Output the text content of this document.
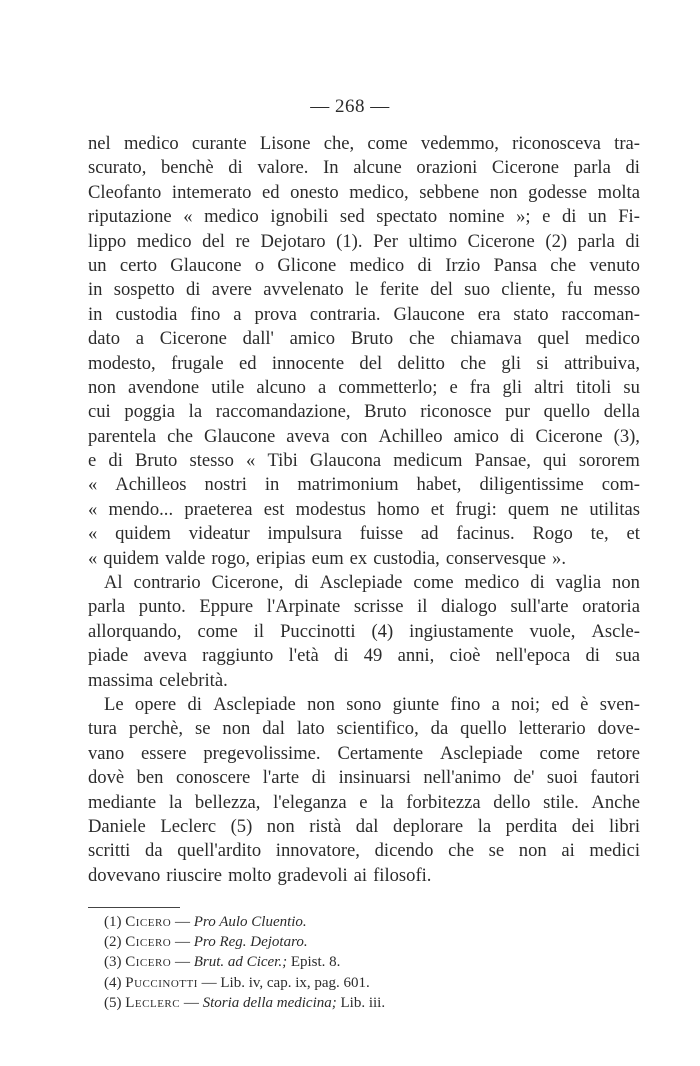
— 268 —
nel medico curante Lisone che, come vedemmo, riconosceva tra-
scurato, benchè di valore. In alcune orazioni Cicerone parla di
Cleofanto intemerato ed onesto medico, sebbene non godesse molta
riputazione « medico ignobili sed spectato nomine »; e di un Fi-
lippo medico del re Dejotaro (1). Per ultimo Cicerone (2) parla di
un certo Glaucone o Glicone medico di Irzio Pansa che venuto
in sospetto di avere avvelenato le ferite del suo cliente, fu messo
in custodia fino a prova contraria. Glaucone era stato raccoman-
dato a Cicerone dall' amico Bruto che chiamava quel medico
modesto, frugale ed innocente del delitto che gli si attribuiva,
non avendone utile alcuno a commetterlo; e fra gli altri titoli su
cui poggia la raccomandazione, Bruto riconosce pur quello della
parentela che Glaucone aveva con Achilleo amico di Cicerone (3),
e di Bruto stesso « Tibi Glaucona medicum Pansae, qui sororem
« Achilleos nostri in matrimonium habet, diligentissime com-
« mendo... praeterea est modestus homo et frugi: quem ne utilitas
« quidem videatur impulsura fuisse ad facinus. Rogo te, et
« quidem valde rogo, eripias eum ex custodia, conservesque ».
Al contrario Cicerone, di Asclepiade come medico di vaglia non
parla punto. Eppure l'Arpinate scrisse il dialogo sull'arte oratoria
allorquando, come il Puccinotti (4) ingiustamente vuole, Ascle-
piade aveva raggiunto l'età di 49 anni, cioè nell'epoca di sua
massima celebrità.
Le opere di Asclepiade non sono giunte fino a noi; ed è sven-
tura perchè, se non dal lato scientifico, da quello letterario dove-
vano essere pregevolissime. Certamente Asclepiade come retore
dovè ben conoscere l'arte di insinuarsi nell'animo de' suoi fautori
mediante la bellezza, l'eleganza e la forbitezza dello stile. Anche
Daniele Leclerc (5) non ristà dal deplorare la perdita dei libri
scritti da quell'ardito innovatore, dicendo che se non ai medici
dovevano riuscire molto gradevoli ai filosofi.
(1) Cicero — Pro Aulo Cluentio.
(2) Cicero — Pro Reg. Dejotaro.
(3) Cicero — Brut. ad Cicer.; Epist. 8.
(4) Puccinotti — Lib. iv, cap. ix, pag. 601.
(5) Leclerc — Storia della medicina; Lib. iii.
